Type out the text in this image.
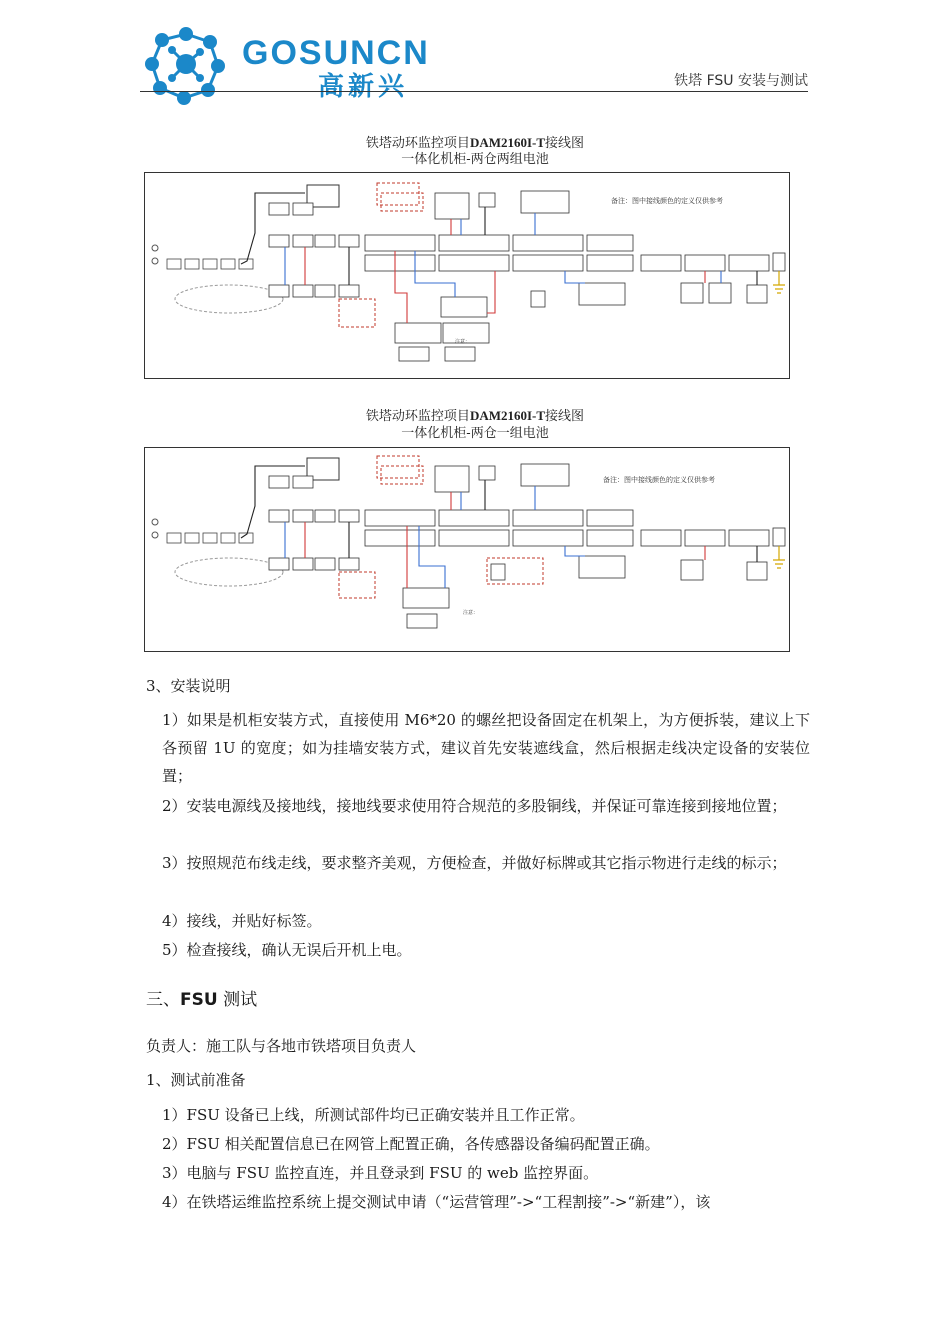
GOSUNCN
高新兴	铁塔 FSU 安装与测试
铁塔动环监控项目DAM2160I-T接线图
一体化机柜-两仓两组电池
备注：图中接线颜色的定义仅供参考
注意：
铁塔动环监控项目DAM2160I-T接线图
一体化机柜-两仓一组电池
备注：图中接线颜色的定义仅供参考
注意：
3、安装说明
1）如果是机柜安装方式，直接使用 M6*20 的螺丝把设备固定在机架上，为方便拆装，建议上下各预留 1U 的宽度；如为挂墙安装方式，建议首先安装遮线盒，然后根据走线决定设备的安装位置；
2）安装电源线及接地线，接地线要求使用符合规范的多股铜线，并保证可靠连接到接地位置；
3）按照规范布线走线，要求整齐美观，方便检查，并做好标牌或其它指示物进行走线的标示；
4）接线，并贴好标签。
5）检查接线，确认无误后开机上电。
三、FSU 测试
负责人：施工队与各地市铁塔项目负责人
1、测试前准备
1）FSU 设备已上线，所测试部件均已正确安装并且工作正常。
2）FSU 相关配置信息已在网管上配置正确，各传感器设备编码配置正确。
3）电脑与 FSU 监控直连，并且登录到 FSU 的 web 监控界面。
4）在铁塔运维监控系统上提交测试申请（“运营管理”->“工程割接”->“新建”），该
